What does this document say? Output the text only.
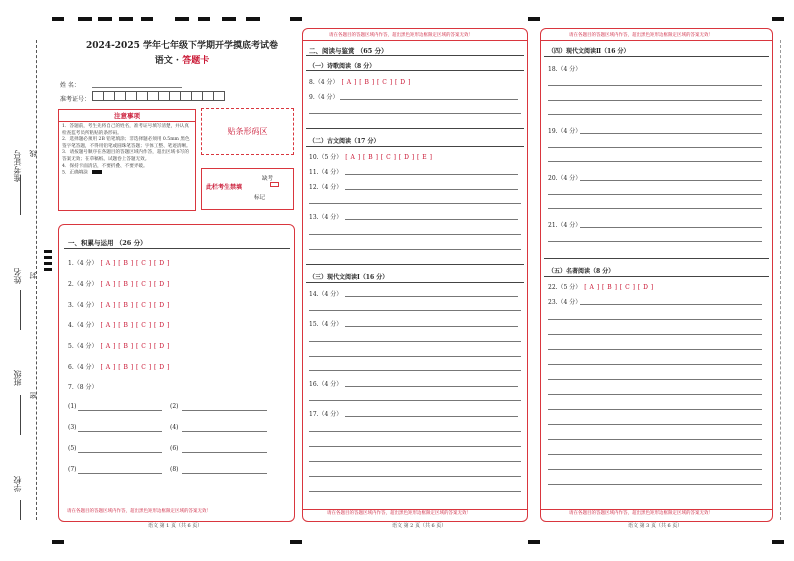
准考证号 线
姓名 封
班级
密
学校
2024-2025 学年七年级下学期开学摸底考试卷
语文 · 答题卡
姓 名：
准考证号：
注意事项
1．答题前，考生先将自己的姓名，准考证号填写清楚，并认真检查监考员所粘贴的条形码。
2．选择题必须用 2B 铅笔填涂；非选择题必须用 0.5mm 黑色签字笔答题，不得用铅笔或圆珠笔答题；字体工整、笔迹清晰。
3．请按题号顺序在各题目的答题区域内作答，超出区域书写的答案无效；在草稿纸、试题卷上答题无效。
4．保持卡面清洁，不要折叠、不要弄破。
5．正确填涂
贴条形码区
此栏考生禁填
缺考
标记
请在各题目的答题区域内作答，超出黑色矩形边框限定区域的答案无效！
一、积累与运用 （26 分）
1.（4 分） [ A ] [ B ] [ C ] [ D ]
2.（4 分） [ A ] [ B ] [ C ] [ D ]
3.（4 分） [ A ] [ B ] [ C ] [ D ]
4.（4 分） [ A ] [ B ] [ C ] [ D ]
5.（4 分） [ A ] [ B ] [ C ] [ D ]
6.（4 分） [ A ] [ B ] [ C ] [ D ]
7.（8 分）
(1)	(2)
(3)	(4)
(5)	(6)
(7)	(8)
语文 第 1 页（共 6 页）
请在各题目的答题区域内作答，超出黑色矩形边框限定区域的答案无效！
请在各题目的答题区域内作答，超出黑色矩形边框限定区域的答案无效！
二、阅读与鉴赏 （65 分）
（一）诗歌阅读（8 分）
8.（4 分） [ A ] [ B ] [ C ] [ D ]
9.（4 分）
（二）古文阅读（17 分）
10.（5 分） [ A ] [ B ] [ C ] [ D ] [ E ]
11.（4 分）
12.（4 分）
13.（4 分）
（三）现代文阅读Ⅰ（16 分）
14.（4 分）
15.（4 分）
16.（4 分）
17.（4 分）
语文 第 2 页（共 6 页）
请在各题目的答题区域内作答，超出黑色矩形边框限定区域的答案无效！
请在各题目的答题区域内作答，超出黑色矩形边框限定区域的答案无效！
（四）现代文阅读Ⅱ（16 分）
18.（4 分）
19.（4 分）
20.（4 分）
21.（4 分）
（五）名著阅读（8 分）
22.（5 分） [ A ] [ B ] [ C ] [ D ]
23.（4 分）
语文 第 3 页（共 6 页）
